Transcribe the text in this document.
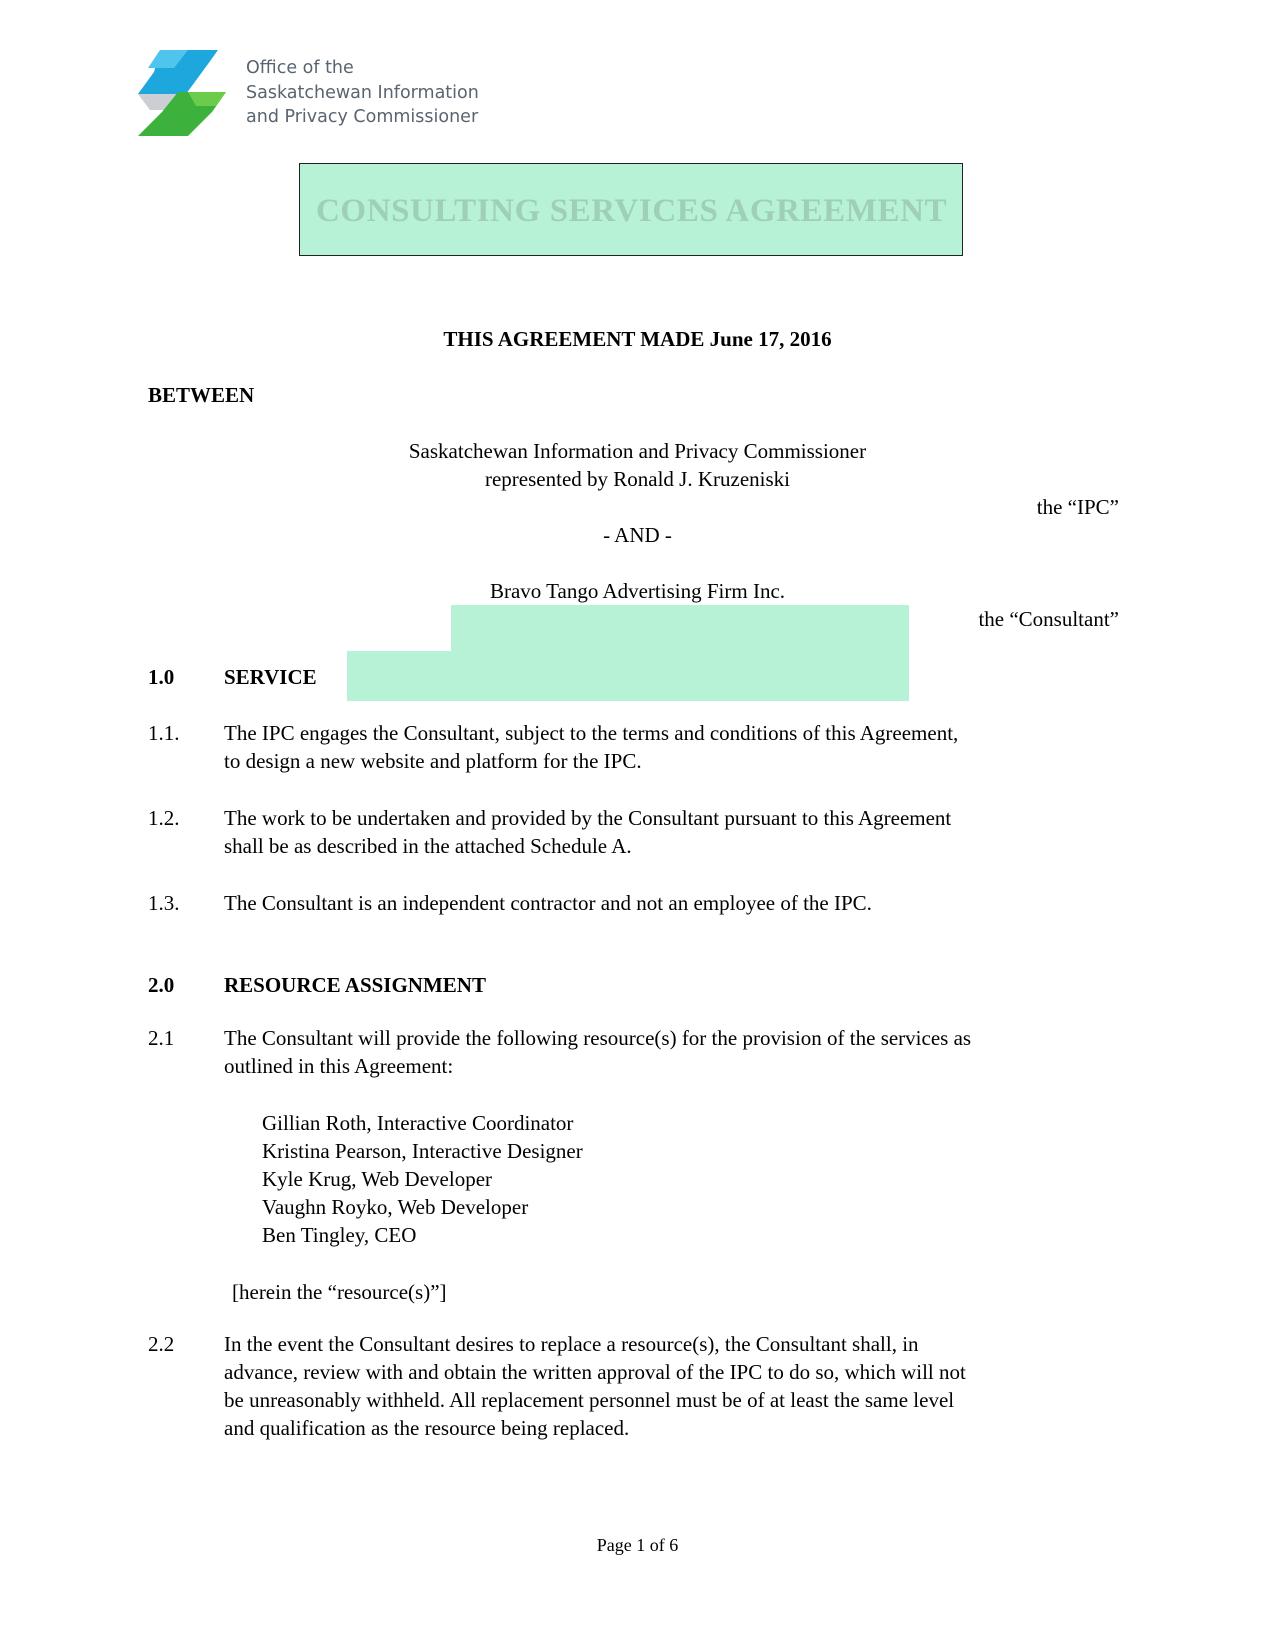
Office of the
Saskatchewan Information
and Privacy Commissioner
CONSULTING SERVICES AGREEMENT
THIS AGREEMENT MADE June 17, 2016
BETWEEN
Saskatchewan Information and Privacy Commissioner
represented by Ronald J. Kruzeniski
the “IPC”
- AND -
Bravo Tango Advertising Firm Inc.
the “Consultant”
1.0 SERVICE
1.1. The IPC engages the Consultant, subject to the terms and conditions of this Agreement,
to design a new website and platform for the IPC.
1.2. The work to be undertaken and provided by the Consultant pursuant to this Agreement
shall be as described in the attached Schedule A.
1.3. The Consultant is an independent contractor and not an employee of the IPC.
2.0 RESOURCE ASSIGNMENT
2.1 The Consultant will provide the following resource(s) for the provision of the services as
outlined in this Agreement:
Gillian Roth, Interactive Coordinator
Kristina Pearson, Interactive Designer
Kyle Krug, Web Developer
Vaughn Royko, Web Developer
Ben Tingley, CEO
[herein the “resource(s)”]
2.2 In the event the Consultant desires to replace a resource(s), the Consultant shall, in
advance, review with and obtain the written approval of the IPC to do so, which will not
be unreasonably withheld. All replacement personnel must be of at least the same level
and qualification as the resource being replaced.
Page 1 of 6
